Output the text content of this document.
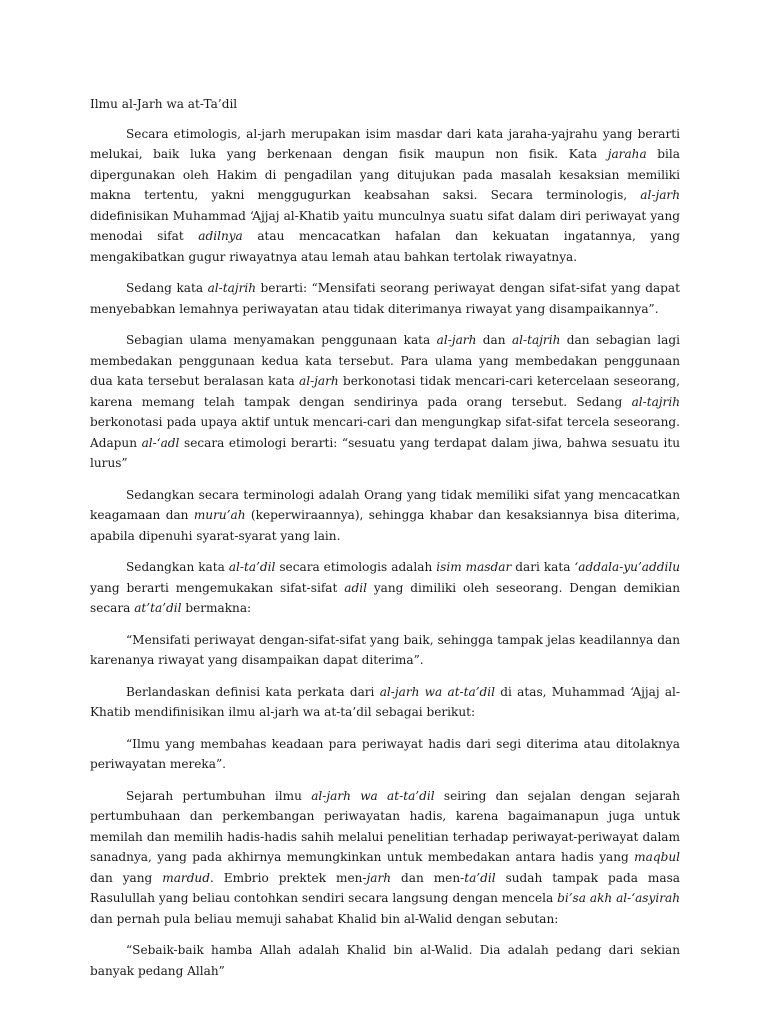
Ilmu al-Jarh wa at-Ta’dil

Secara etimologis, al-jarh merupakan isim masdar dari kata jaraha-yajrahu yang berarti melukai, baik luka yang berkenaan dengan fisik maupun non fisik. Kata jaraha bila dipergunakan oleh Hakim di pengadilan yang ditujukan pada masalah kesaksian memiliki makna tertentu, yakni menggugurkan keabsahan saksi. Secara terminologis, al-jarh didefinisikan Muhammad ‘Ajjaj al-Khatib yaitu munculnya suatu sifat dalam diri periwayat yang menodai sifat adilnya atau mencacatkan hafalan dan kekuatan ingatannya, yang mengakibatkan gugur riwayatnya atau lemah atau bahkan tertolak riwayatnya.

Sedang kata al-tajrih berarti: “Mensifati seorang periwayat dengan sifat-sifat yang dapat menyebabkan lemahnya periwayatan atau tidak diterimanya riwayat yang disampaikannya”.

Sebagian ulama menyamakan penggunaan kata al-jarh dan al-tajrih dan sebagian lagi membedakan penggunaan kedua kata tersebut. Para ulama yang membedakan penggunaan dua kata tersebut beralasan kata al-jarh berkonotasi tidak mencari-cari ketercelaan seseorang, karena memang telah tampak dengan sendirinya pada orang tersebut. Sedang al-tajrih berkonotasi pada upaya aktif untuk mencari-cari dan mengungkap sifat-sifat tercela seseorang. Adapun al-‘adl secara etimologi berarti: “sesuatu yang terdapat dalam jiwa, bahwa sesuatu itu lurus”

Sedangkan secara terminologi adalah Orang yang tidak memiliki sifat yang mencacatkan keagamaan dan muru’ah (keperwiraannya), sehingga khabar dan kesaksiannya bisa diterima, apabila dipenuhi syarat-syarat yang lain.

Sedangkan kata al-ta’dil secara etimologis adalah isim masdar dari kata ‘addala-yu’addilu yang berarti mengemukakan sifat-sifat adil yang dimiliki oleh seseorang. Dengan demikian secara at’ta’dil bermakna:

“Mensifati periwayat dengan-sifat-sifat yang baik, sehingga tampak jelas keadilannya dan karenanya riwayat yang disampaikan dapat diterima”.

Berlandaskan definisi kata perkata dari al-jarh wa at-ta’dil di atas, Muhammad ‘Ajjaj al-Khatib mendifinisikan ilmu al-jarh wa at-ta’dil sebagai berikut:

“Ilmu yang membahas keadaan para periwayat hadis dari segi diterima atau ditolaknya periwayatan mereka”.

Sejarah pertumbuhan ilmu al-jarh wa at-ta’dil seiring dan sejalan dengan sejarah pertumbuhaan dan perkembangan periwayatan hadis, karena bagaimanapun juga untuk memilah dan memilih hadis-hadis sahih melalui penelitian terhadap periwayat-periwayat dalam sanadnya, yang pada akhirnya memungkinkan untuk membedakan antara hadis yang maqbul dan yang mardud. Embrio prektek men-jarh dan men-ta’dil sudah tampak pada masa Rasulullah yang beliau contohkan sendiri secara langsung dengan mencela bi’sa akh al-‘asyirah dan pernah pula beliau memuji sahabat Khalid bin al-Walid dengan sebutan:

“Sebaik-baik hamba Allah adalah Khalid bin al-Walid. Dia adalah pedang dari sekian banyak pedang Allah”
